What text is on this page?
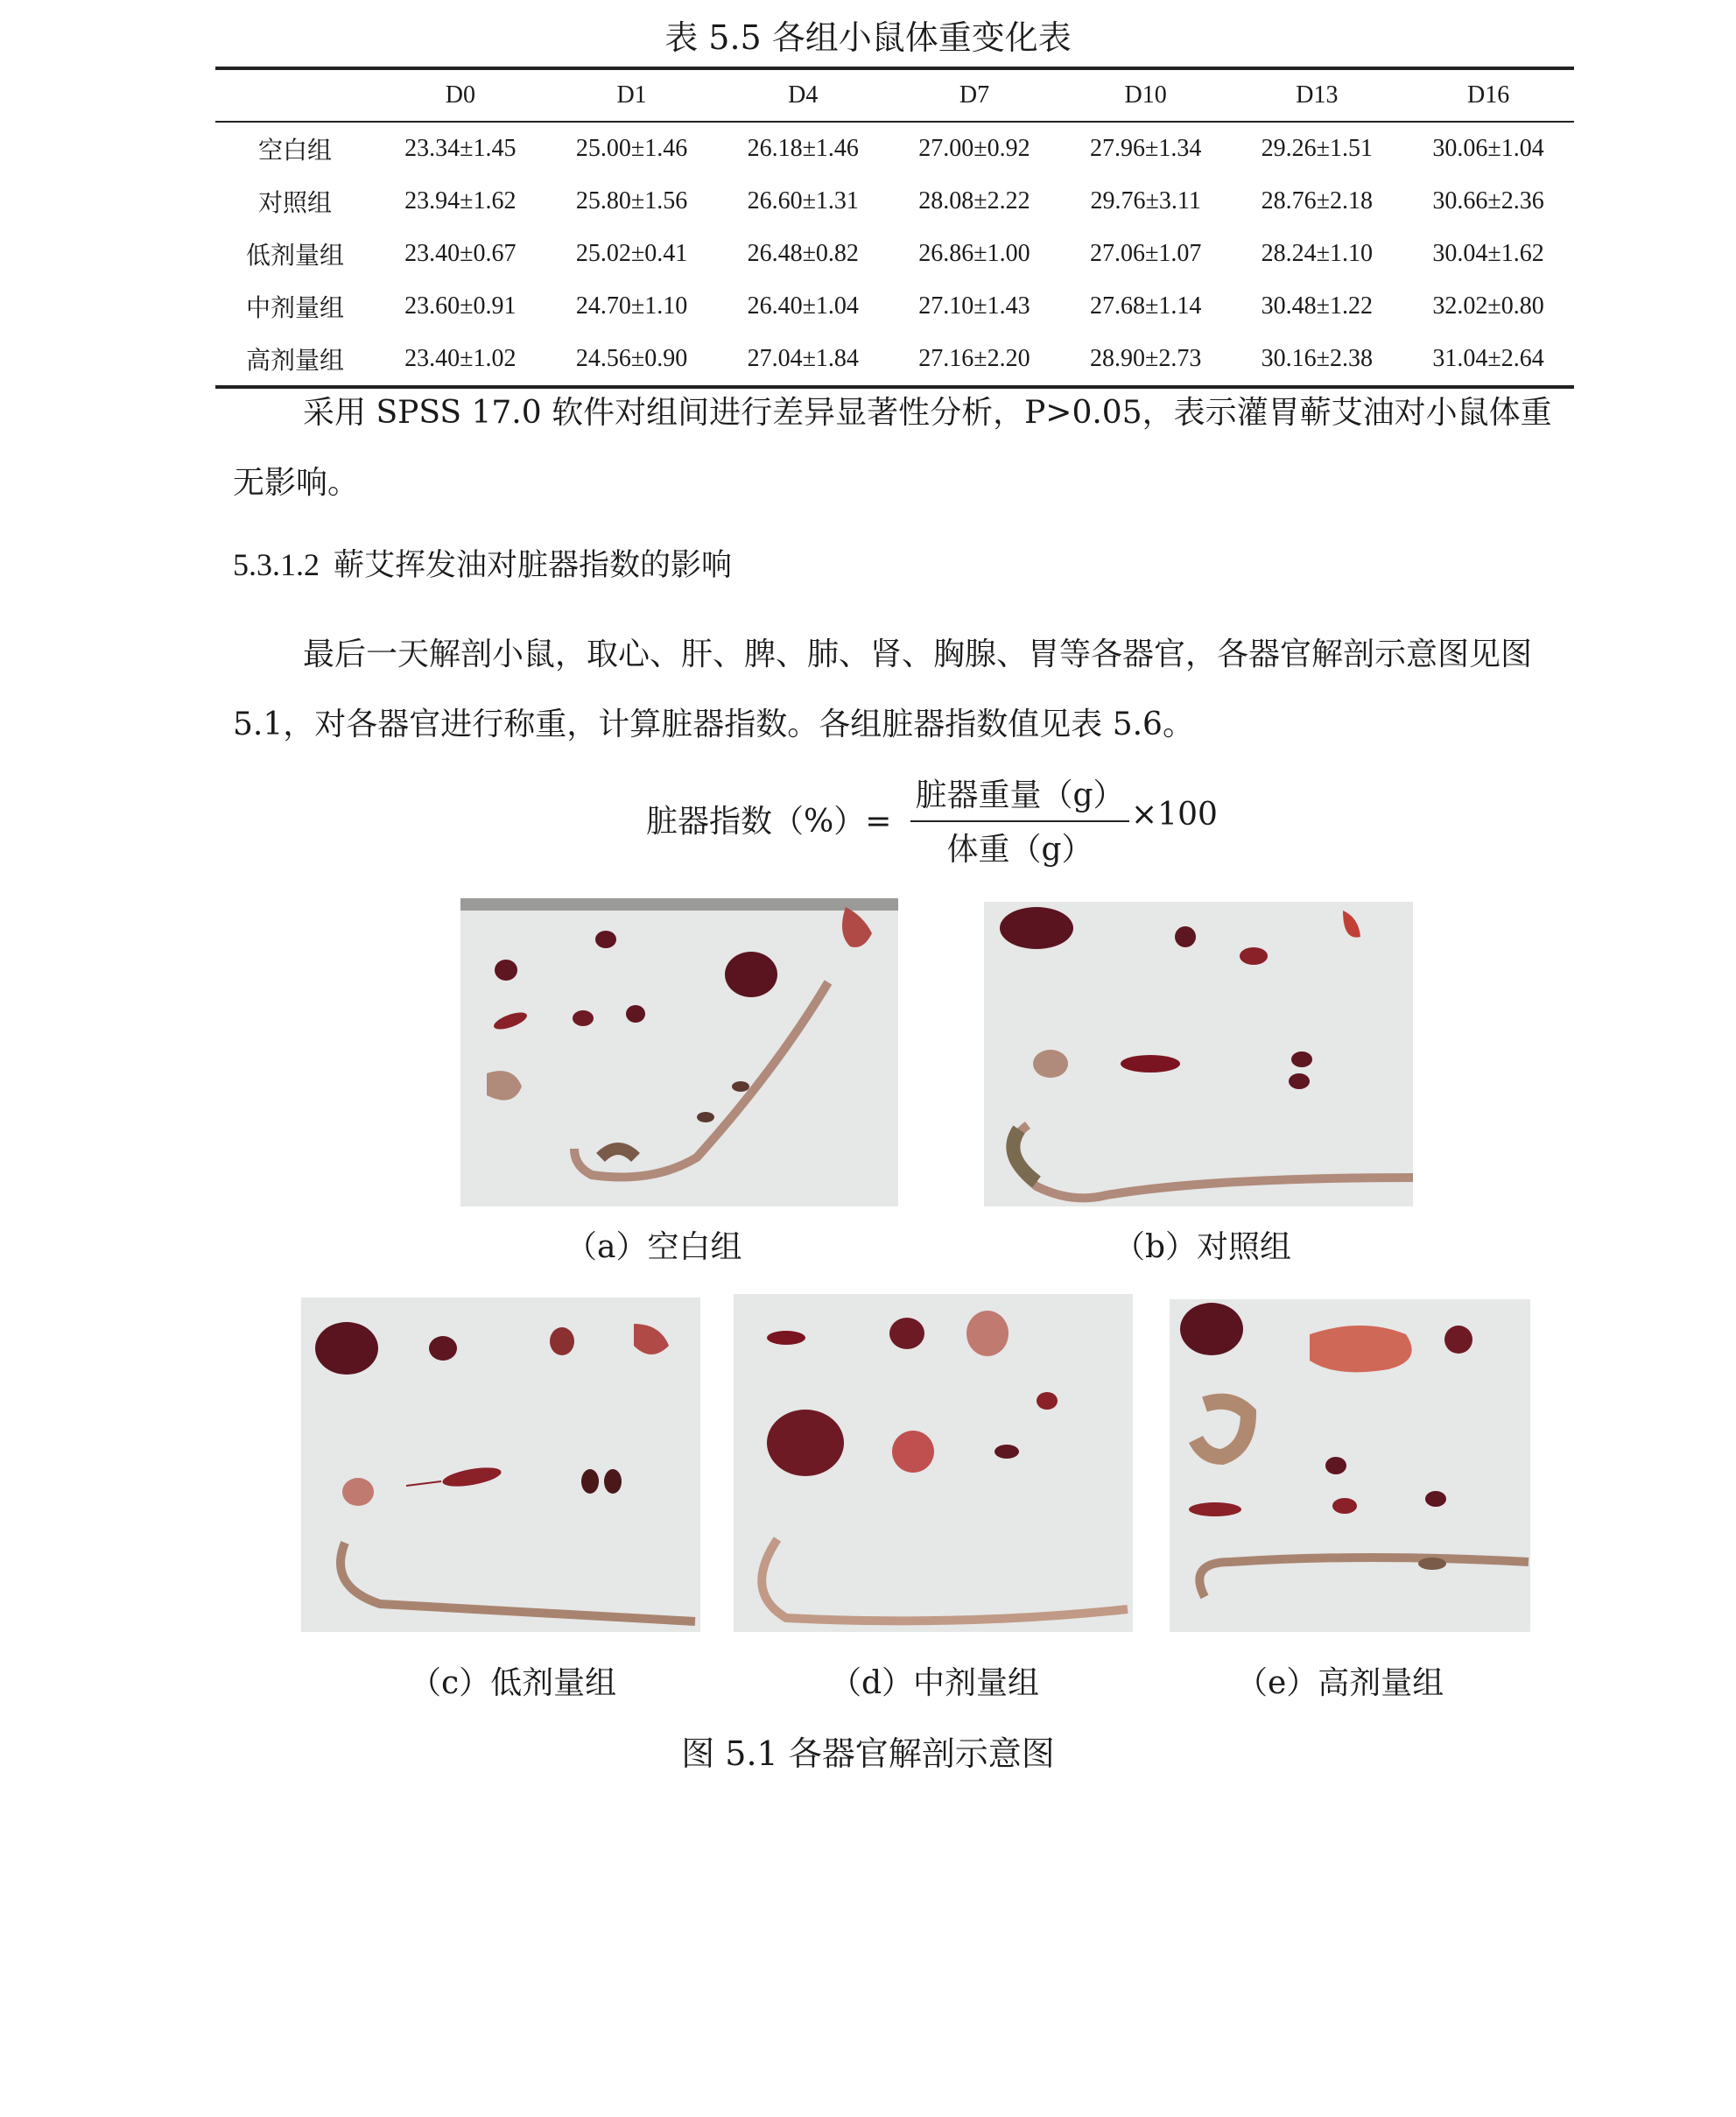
表 5.5 各组小鼠体重变化表
	D0	D1	D4	D7	D10	D13	D16
空白组	23.34±1.45	25.00±1.46	26.18±1.46	27.00±0.92	27.96±1.34	29.26±1.51	30.06±1.04
对照组	23.94±1.62	25.80±1.56	26.60±1.31	28.08±2.22	29.76±3.11	28.76±2.18	30.66±2.36
低剂量组	23.40±0.67	25.02±0.41	26.48±0.82	26.86±1.00	27.06±1.07	28.24±1.10	30.04±1.62
中剂量组	23.60±0.91	24.70±1.10	26.40±1.04	27.10±1.43	27.68±1.14	30.48±1.22	32.02±0.80
高剂量组	23.40±1.02	24.56±0.90	27.04±1.84	27.16±2.20	28.90±2.73	30.16±2.38	31.04±2.64
采用 SPSS 17.0 软件对组间进行差异显著性分析，P>0.05，表示灌胃蕲艾油对小鼠体重无影响。
5.3.1.2 蕲艾挥发油对脏器指数的影响
最后一天解剖小鼠，取心、肝、脾、肺、肾、胸腺、胃等各器官，各器官解剖示意图见图 5.1，对各器官进行称重，计算脏器指数。各组脏器指数值见表 5.6。
脏器指数（%）=
脏器重量（g）
体重（g）
×100
（a）空白组	（b）对照组
（c）低剂量组	（d）中剂量组	（e）高剂量组
图 5.1 各器官解剖示意图
